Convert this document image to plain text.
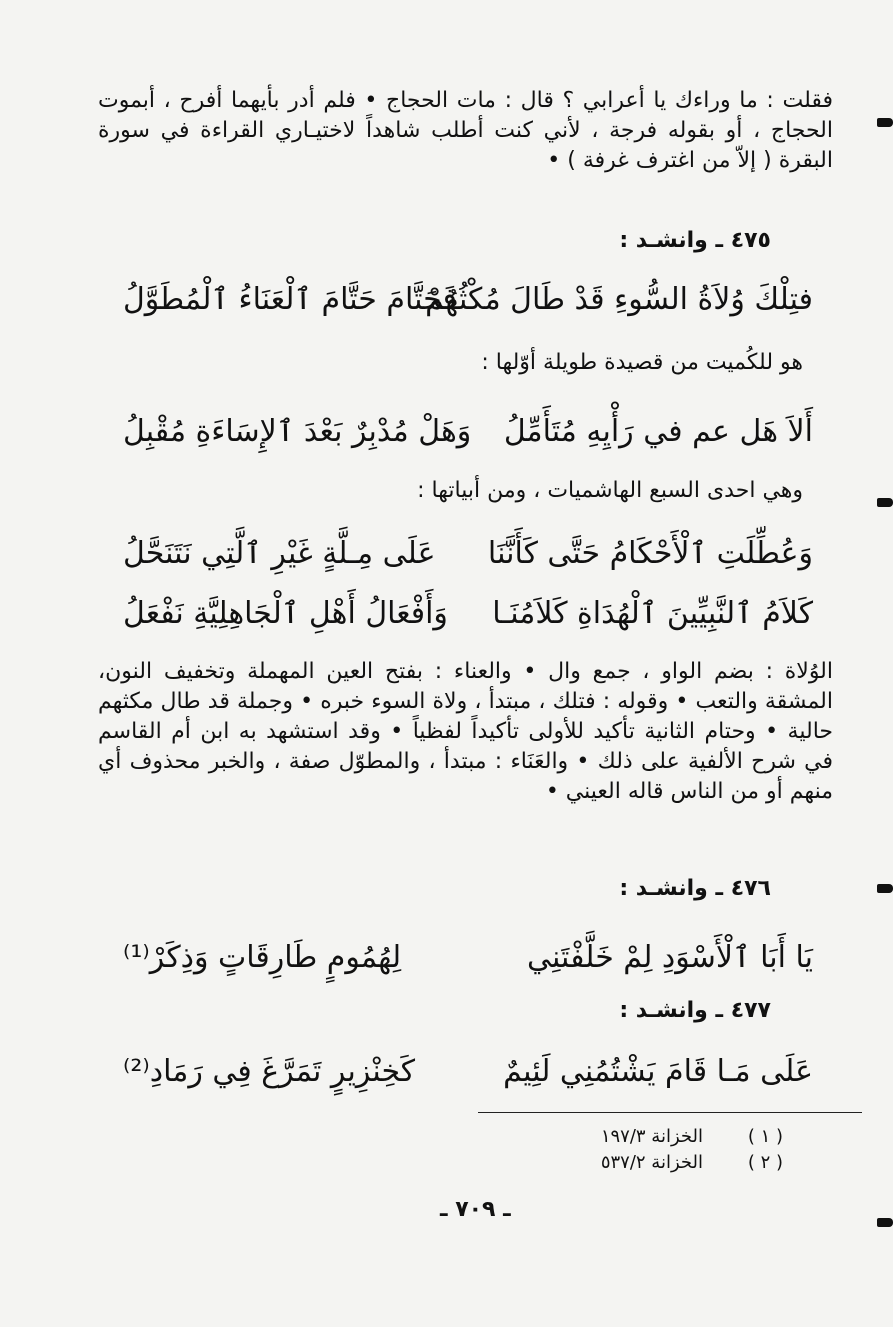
فقلت : ما وراءك يا أعرابي ؟ قال : مات الحجاج • فلم أدر بأيهما أفرح ، أبموت الحجاج ، أو بقوله فرجة ، لأني كنت أطلب شاهداً لاختيـاري القراءة في سورة البقرة ( إلاّ من اغترف غرفة ) •
٤٧٥ ـ وانشـد :
فتِلْكَ وُلاَةُ السُّوءِ قَدْ طَالَ مُكْثُهُمْ
فَحَتَّامَ حَتَّامَ ٱلْعَنَاءُ ٱلْمُطَوَّلُ
هو للكُميت من قصيدة طويلة أوّلها :
أَلاَ هَل عم في رَأْيِهِ مُتَأَمِّلُ
وَهَلْ مُدْبِرٌ بَعْدَ ٱلإِسَاءَةِ مُقْبِلُ
وهي احدى السبع الهاشميات ، ومن أبياتها :
وَعُطِّلَتِ ٱلْأَحْكَامُ حَتَّى كَأَنَّنَا
عَلَى مِـلَّةٍ غَيْرِ ٱلَّتِي نَتَنَحَّلُ
كَلاَمُ ٱلنَّبِيِّينَ ٱلْهُدَاةِ كَلاَمُنَـا
وَأَفْعَالُ أَهْلِ ٱلْجَاهِلِيَّةِ نَفْعَلُ
الوُلاة : بضم الواو ، جمع وال • والعناء : بفتح العين المهملة وتخفيف النون، المشقة والتعب • وقوله : فتلك ، مبتدأ ، ولاة السوء خبره • وجملة قد طال مكثهم حالية • وحتام الثانية تأكيد للأولى تأكيداً لفظياً • وقد استشهد به ابن أم القاسم في شرح الألفية على ذلك • والعَنَاء : مبتدأ ، والمطوّل صفة ، والخبر محذوف أي منهم أو من الناس قاله العيني •
٤٧٦ ـ وانشـد :
يَا أَبَا ٱلْأَسْوَدِ لِمْ خَلَّفْتَنِي
لِهُمُومٍ طَارِقَاتٍ وَذِكَرْ⁽¹⁾
٤٧٧ ـ وانشـد :
عَلَى مَـا قَامَ يَشْتُمُنِي لَئِيمٌ
كَخِنْزِيرٍ تَمَرَّغَ فِي رَمَادِ⁽²⁾
( ١ )
الخزانة ١٩٧/٣
( ٢ )
الخزانة ٥٣٧/٢
ـ ٧٠٩ ـ
